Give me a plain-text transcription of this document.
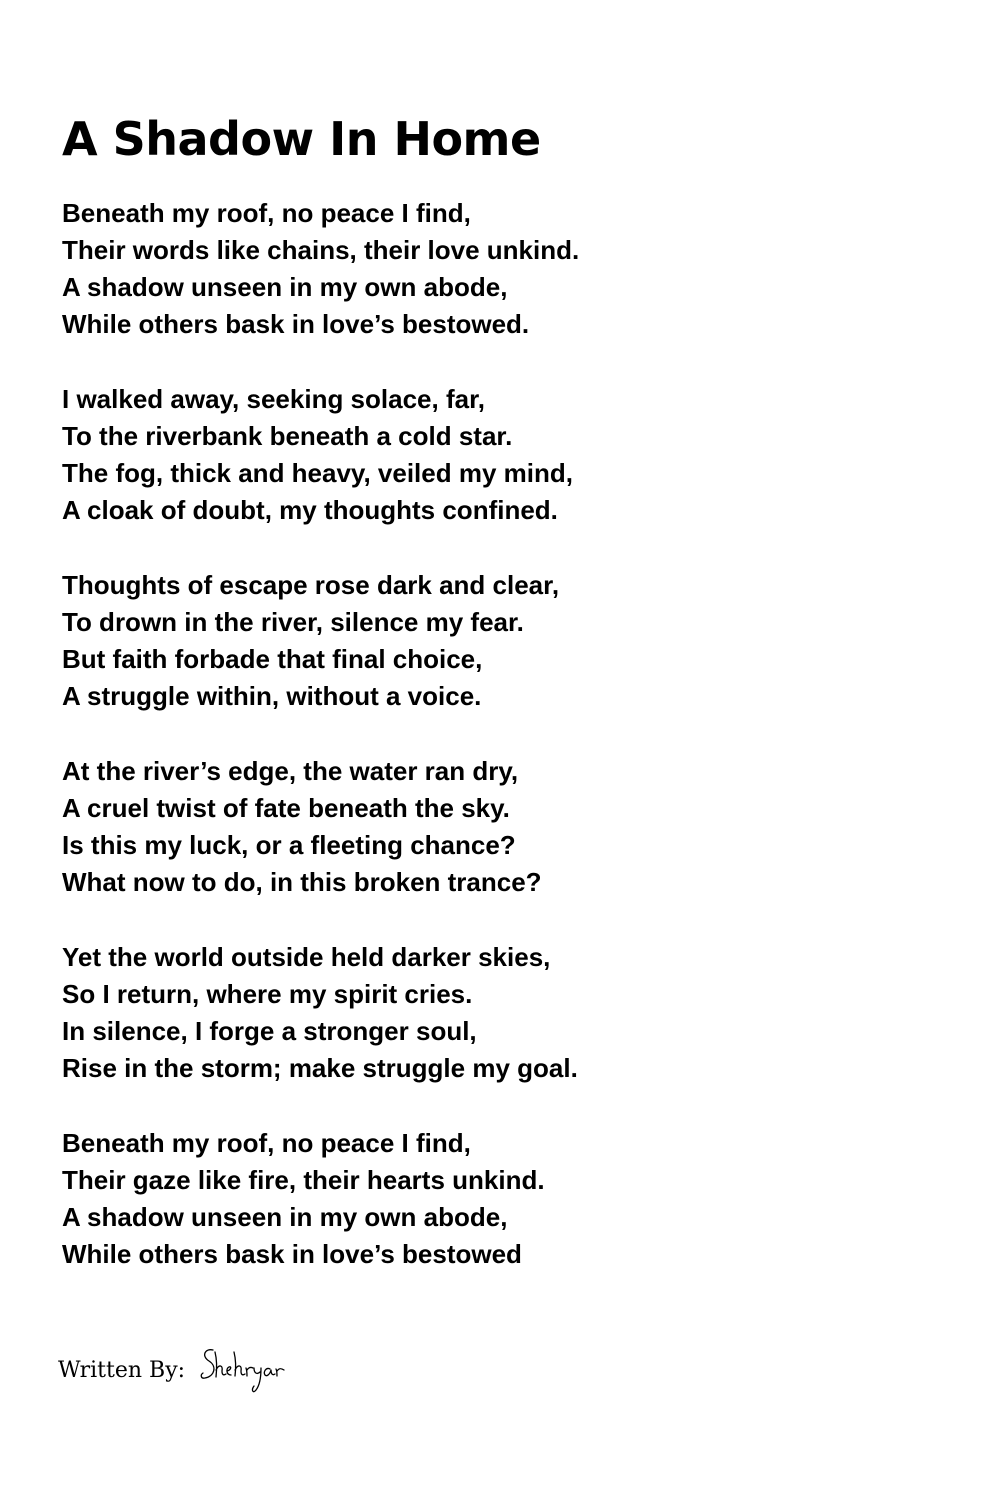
A Shadow In Home
Beneath my roof, no peace I find,
Their words like chains, their love unkind.
A shadow unseen in my own abode,
While others bask in love’s bestowed.
I walked away, seeking solace, far,
To the riverbank beneath a cold star.
The fog, thick and heavy, veiled my mind,
A cloak of doubt, my thoughts confined.
Thoughts of escape rose dark and clear,
To drown in the river, silence my fear.
But faith forbade that final choice,
A struggle within, without a voice.
At the river’s edge, the water ran dry,
A cruel twist of fate beneath the sky.
Is this my luck, or a fleeting chance?
What now to do, in this broken trance?
Yet the world outside held darker skies,
So I return, where my spirit cries.
In silence, I forge a stronger soul,
Rise in the storm; make struggle my goal.
Beneath my roof, no peace I find,
Their gaze like fire, their hearts unkind.
A shadow unseen in my own abode,
While others bask in love’s bestowed
Written By:
